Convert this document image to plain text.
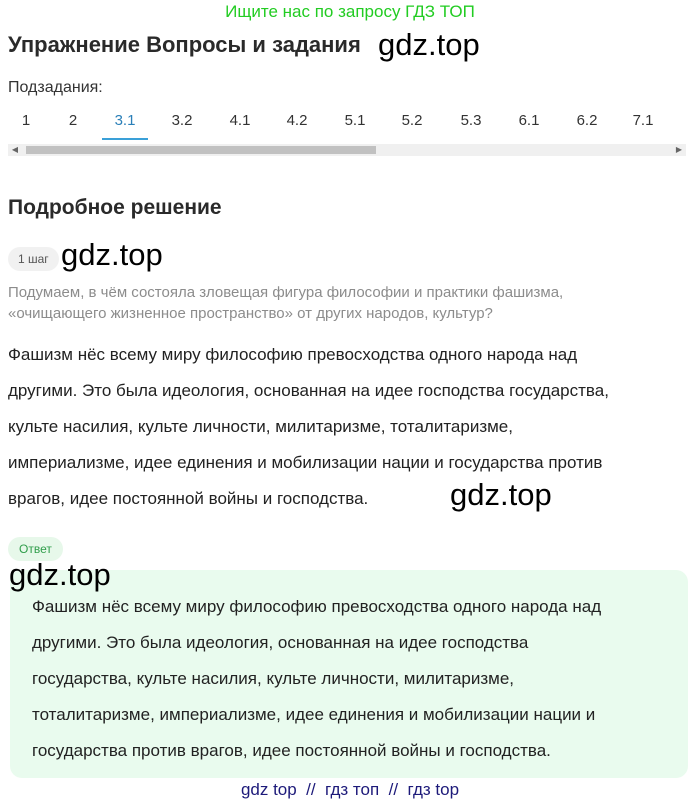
Ищите нас по запросу ГДЗ ТОП
Упражнение Вопросы и задания gdz.top
Подзадания:
1	2	3.1	3.2	4.1	4.2	5.1	5.2	5.3	6.1	6.2	7.1
◀	▶
Подробное решение
1 шаг gdz.top
Подумаем, в чём состояла зловещая фигура философии и практики фашизма, «очищающего жизненное пространство» от других народов, культур?
Фашизм нёс всему миру философию превосходства одного народа над
другими. Это была идеология, основанная на идее господства государства,
культе насилия, культе личности, милитаризме, тоталитаризме,
империализме, идее единения и мобилизации нации и государства против
врагов, идее постоянной войны и господства.	gdz.top
Ответ
Фашизм нёс всему миру философию превосходства одного народа над
другими. Это была идеология, основанная на идее господства
государства, культе насилия, культе личности, милитаризме,
тоталитаризме, империализме, идее единения и мобилизации нации и
государства против врагов, идее постоянной войны и господства.
gdz.top
gdz top  //  гдз топ  //  гдз top
